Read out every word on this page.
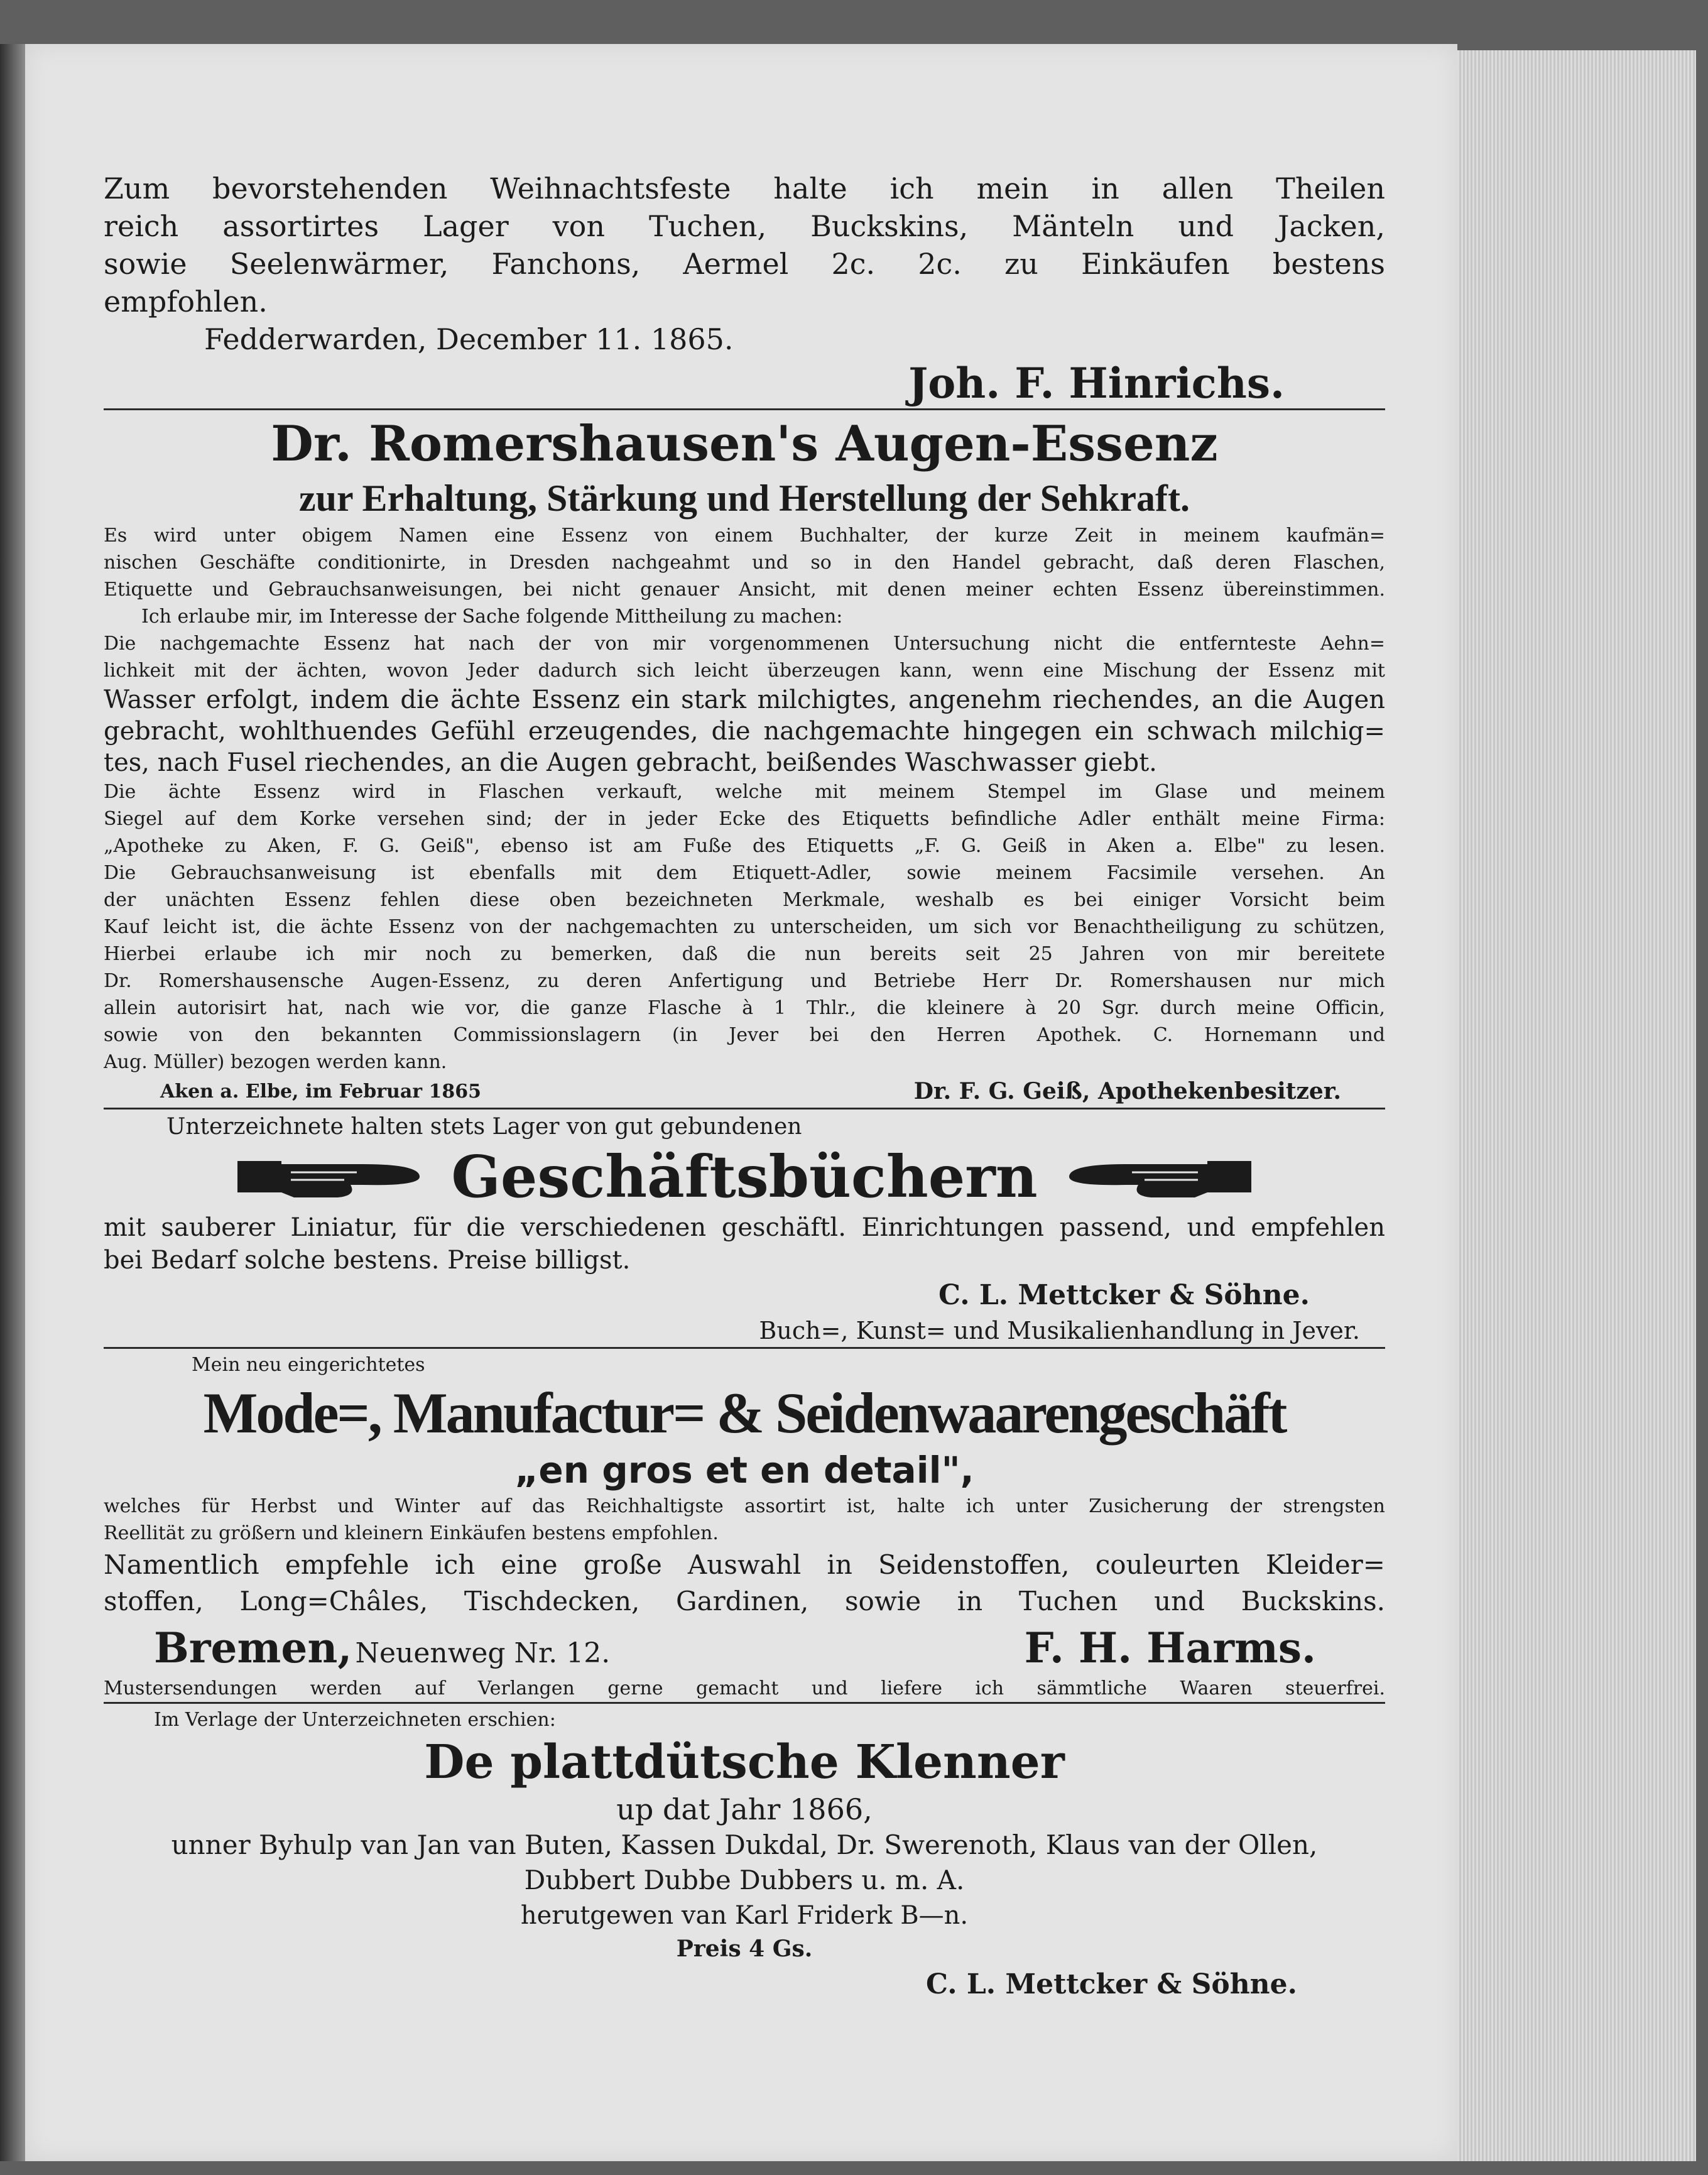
Zum bevorstehenden Weihnachtsfeste halte ich mein in allen Theilen
reich assortirtes Lager von Tuchen, Buckskins, Mänteln und Jacken,
sowie Seelenwärmer, Fanchons, Aermel 2c. 2c. zu Einkäufen bestens
empfohlen.
Fedderwarden, December 11. 1865.
Joh. F. Hinrichs.
Dr. Romershausen's Augen-Essenz
zur Erhaltung, Stärkung und Herstellung der Sehkraft.
Es wird unter obigem Namen eine Essenz von einem Buchhalter, der kurze Zeit in meinem kaufmän=
nischen Geschäfte conditionirte, in Dresden nachgeahmt und so in den Handel gebracht, daß deren Flaschen,
Etiquette und Gebrauchsanweisungen, bei nicht genauer Ansicht, mit denen meiner echten Essenz übereinstimmen.
Ich erlaube mir, im Interesse der Sache folgende Mittheilung zu machen:
Die nachgemachte Essenz hat nach der von mir vorgenommenen Untersuchung nicht die entfernteste Aehn=
lichkeit mit der ächten, wovon Jeder dadurch sich leicht überzeugen kann, wenn eine Mischung der Essenz mit
Wasser erfolgt, indem die ächte Essenz ein stark milchigtes, angenehm riechendes, an die Augen
gebracht, wohlthuendes Gefühl erzeugendes, die nachgemachte hingegen ein schwach milchig=
tes, nach Fusel riechendes, an die Augen gebracht, beißendes Waschwasser giebt.
Die ächte Essenz wird in Flaschen verkauft, welche mit meinem Stempel im Glase und meinem
Siegel auf dem Korke versehen sind; der in jeder Ecke des Etiquetts befindliche Adler enthält meine Firma:
„Apotheke zu Aken, F. G. Geiß", ebenso ist am Fuße des Etiquetts „F. G. Geiß in Aken a. Elbe" zu lesen.
Die Gebrauchsanweisung ist ebenfalls mit dem Etiquett-Adler, sowie meinem Facsimile versehen. An
der unächten Essenz fehlen diese oben bezeichneten Merkmale, weshalb es bei einiger Vorsicht beim
Kauf leicht ist, die ächte Essenz von der nachgemachten zu unterscheiden, um sich vor Benachtheiligung zu schützen,
Hierbei erlaube ich mir noch zu bemerken, daß die nun bereits seit 25 Jahren von mir bereitete
Dr. Romershausensche Augen-Essenz, zu deren Anfertigung und Betriebe Herr Dr. Romershausen nur mich
allein autorisirt hat, nach wie vor, die ganze Flasche à 1 Thlr., die kleinere à 20 Sgr. durch meine Officin,
sowie von den bekannten Commissionslagern (in Jever bei den Herren Apothek. C. Hornemann und
Aug. Müller) bezogen werden kann.
Aken a. Elbe, im Februar 1865	Dr. F. G. Geiß, Apothekenbesitzer.
Unterzeichnete halten stets Lager von gut gebundenen
Geschäftsbüchern
mit sauberer Liniatur, für die verschiedenen geschäftl. Einrichtungen passend, und empfehlen
bei Bedarf solche bestens. Preise billigst.
C. L. Mettcker & Söhne.
Buch=, Kunst= und Musikalienhandlung in Jever.
Mein neu eingerichtetes
Mode=, Manufactur= & Seidenwaarengeschäft
„en gros et en detail",
welches für Herbst und Winter auf das Reichhaltigste assortirt ist, halte ich unter Zusicherung der strengsten
Reellität zu größern und kleinern Einkäufen bestens empfohlen.
Namentlich empfehle ich eine große Auswahl in Seidenstoffen, couleurten Kleider=
stoffen, Long=Châles, Tischdecken, Gardinen, sowie in Tuchen und Buckskins.
Bremen, Neuenweg Nr. 12.	F. H. Harms.
Mustersendungen werden auf Verlangen gerne gemacht und liefere ich sämmtliche Waaren steuerfrei.
Im Verlage der Unterzeichneten erschien:
De plattdütsche Klenner
up dat Jahr 1866,
unner Byhulp van Jan van Buten, Kassen Dukdal, Dr. Swerenoth, Klaus van der Ollen,
Dubbert Dubbe Dubbers u. m. A.
herutgewen van Karl Friderk B—n.
Preis 4 Gs.
C. L. Mettcker & Söhne.
